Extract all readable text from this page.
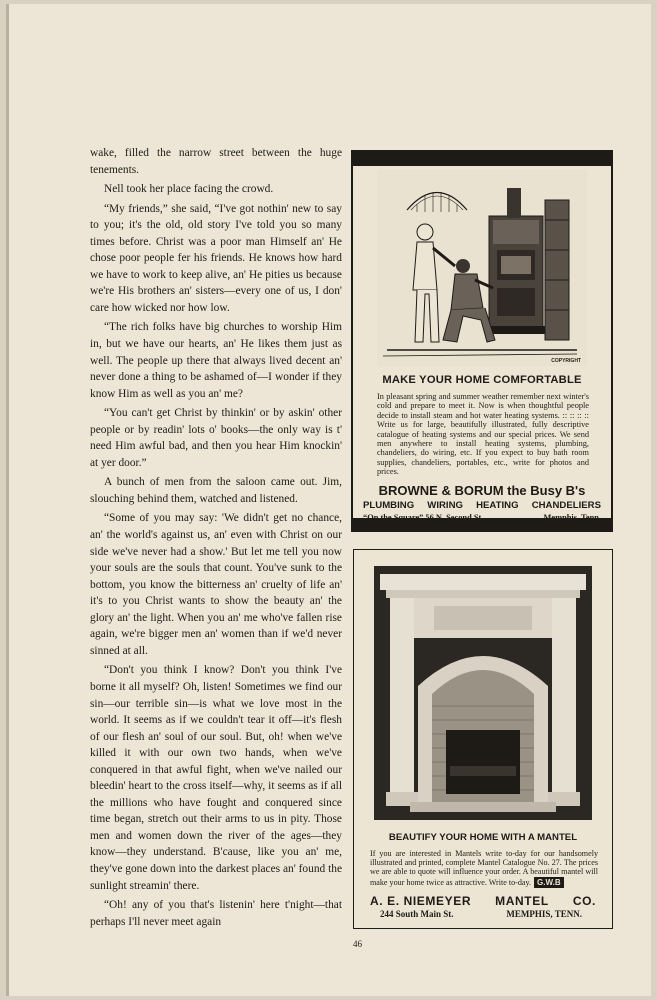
wake, filled the narrow street between the huge tenements.

Nell took her place facing the crowd.

“My friends,” she said, “I've got nothin' new to say to you; it's the old, old story I've told you so many times before. Christ was a poor man Himself an' He chose poor people fer his friends. He knows how hard we have to work to keep alive, an' He pities us because we're His brothers an' sisters—every one of us, I don' care how wicked nor how low.

“The rich folks have big churches to worship Him in, but we have our hearts, an' He likes them just as well. The people up there that always lived decent an' never done a thing to be ashamed of—I wonder if they know Him as well as you an' me?

“You can't get Christ by thinkin' or by askin' other people or by readin' lots o' books—the only way is t' need Him awful bad, and then you hear Him knockin' at yer door.”

A bunch of men from the saloon came out. Jim, slouching behind them, watched and listened.

“Some of you may say: 'We didn't get no chance, an' the world's against us, an' even with Christ on our side we've never had a show.' But let me tell you now your souls are the souls that count. You've sunk to the bottom, you know the bitterness an' cruelty of life an' it's to you Christ wants to show the beauty an' the glory an' the light. When you an' me who've fallen rise again, we're bigger men an' women than if we'd never sinned at all.

“Don't you think I know? Don't you think I've borne it all myself? Oh, listen! Sometimes we find our sin—our terrible sin—is what we love most in the world. It seems as if we couldn't tear it off—it's flesh of our flesh an' soul of our soul. But, oh! when we've killed it with our own two hands, when we've conquered in that awful fight, when we've nailed our bleedin' heart to the cross itself—why, it seems as if all the millions who have fought and conquered since time began, stretch out their arms to us in pity. Those men and women down the river of the ages—they know—they understand. B'cause, like you an' me, they've gone down into the darkest places an' found the sunlight streamin' there.

“Oh! any of you that's listenin' here t'night—that perhaps I'll never meet again

COPYRIGHT
MAKE YOUR HOME COMFORTABLE

In pleasant spring and summer weather remember next winter's cold and prepare to meet it. Now is when thoughtful people decide to install steam and hot water heating systems. :: :: :: :: Write us for large, beautifully illustrated, fully descriptive catalogue of heating systems and our special prices. We send men anywhere to install heating systems, plumbing, chandeliers, do wiring, etc. If you expect to buy bath room supplies, chandeliers, portables, etc., write for photos and prices.

BROWNE & BORUM the Busy B's
PLUMBING WIRING HEATING CHANDELIERS
BEAUTIFY YOUR HOME WITH A MANTEL

If you are interested in Mantels write to-day for our handsomely illustrated and printed, complete Mantel Catalogue No. 27. The prices we are able to quote will influence your order. A beautiful mantel will make your home twice as attractive. Write to-day. G.W.B

A. E. NIEMEYER MANTEL CO.
244 South Main St.	MEMPHIS, TENN.
46
